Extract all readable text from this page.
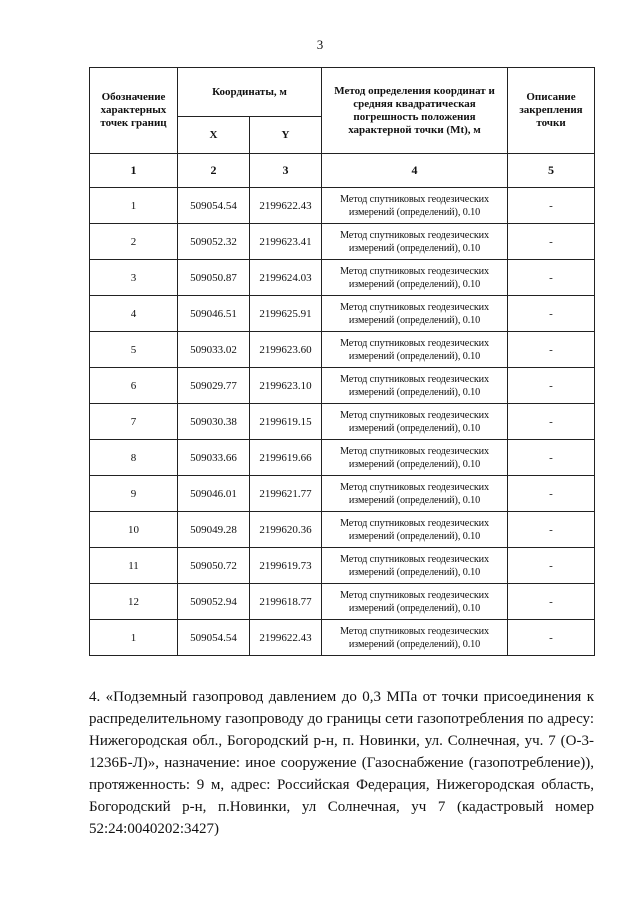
3
Обозначение характерных точек границ	Координаты, м		Метод определения координат и средняя квадратическая погрешность положения характерной точки (Mt), м	Описание закрепления точки
	X	Y		
1	2	3	4	5
1	509054.54	2199622.43	Метод спутниковых геодезических измерений (определений), 0.10	-
2	509052.32	2199623.41	Метод спутниковых геодезических измерений (определений), 0.10	-
3	509050.87	2199624.03	Метод спутниковых геодезических измерений (определений), 0.10	-
4	509046.51	2199625.91	Метод спутниковых геодезических измерений (определений), 0.10	-
5	509033.02	2199623.60	Метод спутниковых геодезических измерений (определений), 0.10	-
6	509029.77	2199623.10	Метод спутниковых геодезических измерений (определений), 0.10	-
7	509030.38	2199619.15	Метод спутниковых геодезических измерений (определений), 0.10	-
8	509033.66	2199619.66	Метод спутниковых геодезических измерений (определений), 0.10	-
9	509046.01	2199621.77	Метод спутниковых геодезических измерений (определений), 0.10	-
10	509049.28	2199620.36	Метод спутниковых геодезических измерений (определений), 0.10	-
11	509050.72	2199619.73	Метод спутниковых геодезических измерений (определений), 0.10	-
12	509052.94	2199618.77	Метод спутниковых геодезических измерений (определений), 0.10	-
1	509054.54	2199622.43	Метод спутниковых геодезических измерений (определений), 0.10	-
4. «Подземный газопровод давлением до 0,3 МПа от точки присоединения к распределительному газопроводу до границы сети газопотребления по адресу: Нижегородская обл., Богородский р-н, п. Новинки, ул. Солнечная, уч. 7 (О-3-1236Б-Л)», назначение: иное сооружение (Газоснабжение (газопотребление)), протяженность: 9 м, адрес: Российская Федерация, Нижегородская область, Богородский р-н, п.Новинки, ул Солнечная, уч 7 (кадастровый номер 52:24:0040202:3427)
